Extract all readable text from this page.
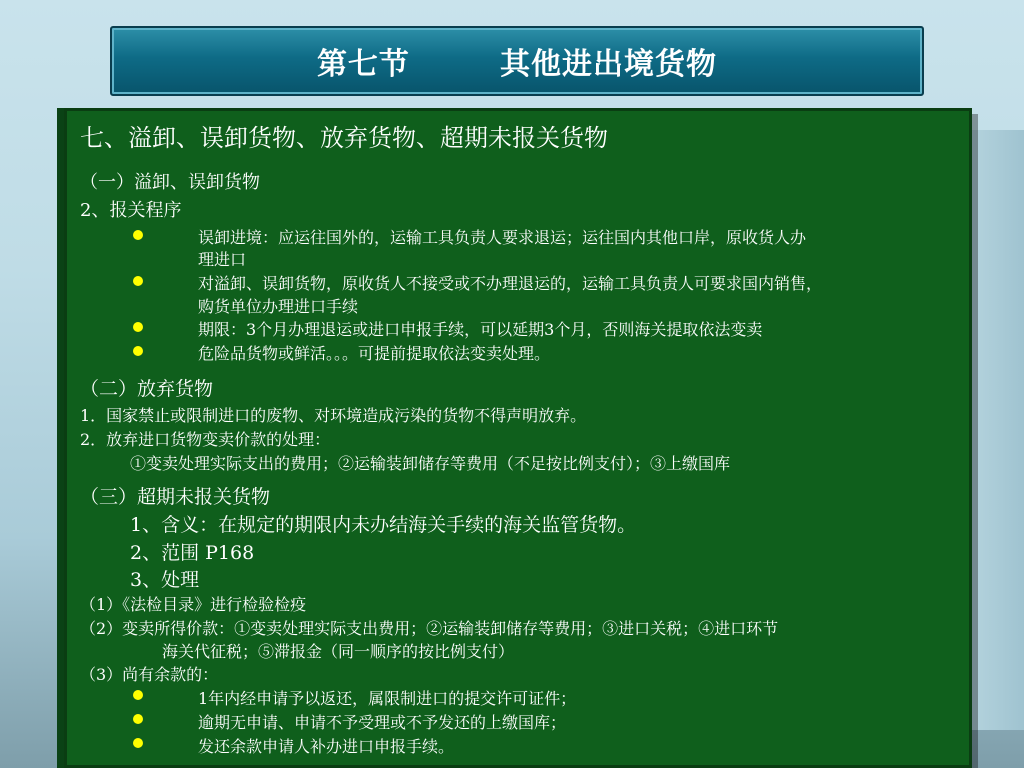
第七节	其他进出境货物
七、溢卸、误卸货物、放弃货物、超期未报关货物
（一）溢卸、误卸货物
2、报关程序
误卸进境：应运往国外的，运输工具负责人要求退运；运往国内其他口岸，原收货人办
理进口
对溢卸、误卸货物，原收货人不接受或不办理退运的，运输工具负责人可要求国内销售，
购货单位办理进口手续
期限：3个月办理退运或进口申报手续，可以延期3个月，否则海关提取依法变卖
危险品货物或鲜活。。。可提前提取依法变卖处理。
（二）放弃货物
1．国家禁止或限制进口的废物、对环境造成污染的货物不得声明放弃。
2．放弃进口货物变卖价款的处理：
①变卖处理实际支出的费用；②运输装卸储存等费用（不足按比例支付）；③上缴国库
（三）超期未报关货物
1、含义：在规定的期限内未办结海关手续的海关监管货物。
2、范围 P168
3、处理
（1）《法检目录》进行检验检疫
（2）变卖所得价款：①变卖处理实际支出费用；②运输装卸储存等费用；③进口关税；④进口环节
海关代征税；⑤滞报金（同一顺序的按比例支付）
（3）尚有余款的：
1年内经申请予以返还，属限制进口的提交许可证件；
逾期无申请、申请不予受理或不予发还的上缴国库；
发还余款申请人补办进口申报手续。
